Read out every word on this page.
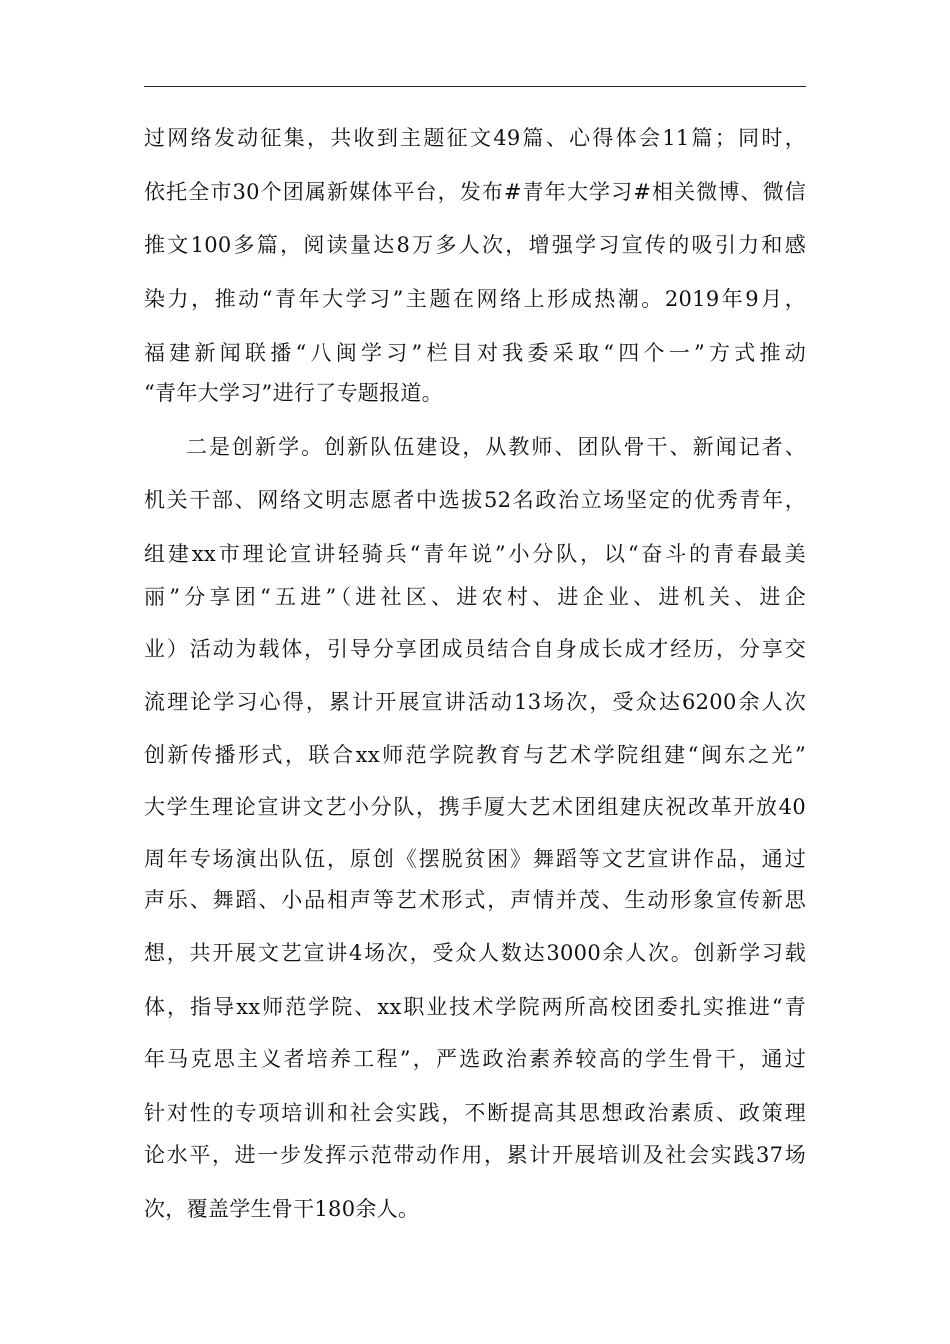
过网络发动征集，共收到主题征文49篇、心得体会11篇；同时，
依托全市30个团属新媒体平台，发布#青年大学习#相关微博、微信
推文100多篇，阅读量达8万多人次，增强学习宣传的吸引力和感
染力，推动“青年大学习”主题在网络上形成热潮。2019年9月，
福建新闻联播“八闽学习”栏目对我委采取“四个一”方式推动
“青年大学习”进行了专题报道。
二是创新学。创新队伍建设，从教师、团队骨干、新闻记者、
机关干部、网络文明志愿者中选拔52名政治立场坚定的优秀青年，
组建xx市理论宣讲轻骑兵“青年说”小分队，以“奋斗的青春最美
丽”分享团“五进”（进社区、进农村、进企业、进机关、进企
业）活动为载体，引导分享团成员结合自身成长成才经历，分享交
流理论学习心得，累计开展宣讲活动13场次，受众达6200余人次
创新传播形式，联合xx师范学院教育与艺术学院组建“闽东之光”
大学生理论宣讲文艺小分队，携手厦大艺术团组建庆祝改革开放40
周年专场演出队伍，原创《摆脱贫困》舞蹈等文艺宣讲作品，通过
声乐、舞蹈、小品相声等艺术形式，声情并茂、生动形象宣传新思
想，共开展文艺宣讲4场次，受众人数达3000余人次。创新学习载
体，指导xx师范学院、xx职业技术学院两所高校团委扎实推进“青
年马克思主义者培养工程”，严选政治素养较高的学生骨干，通过
针对性的专项培训和社会实践，不断提高其思想政治素质、政策理
论水平，进一步发挥示范带动作用，累计开展培训及社会实践37场
次，覆盖学生骨干180余人。
